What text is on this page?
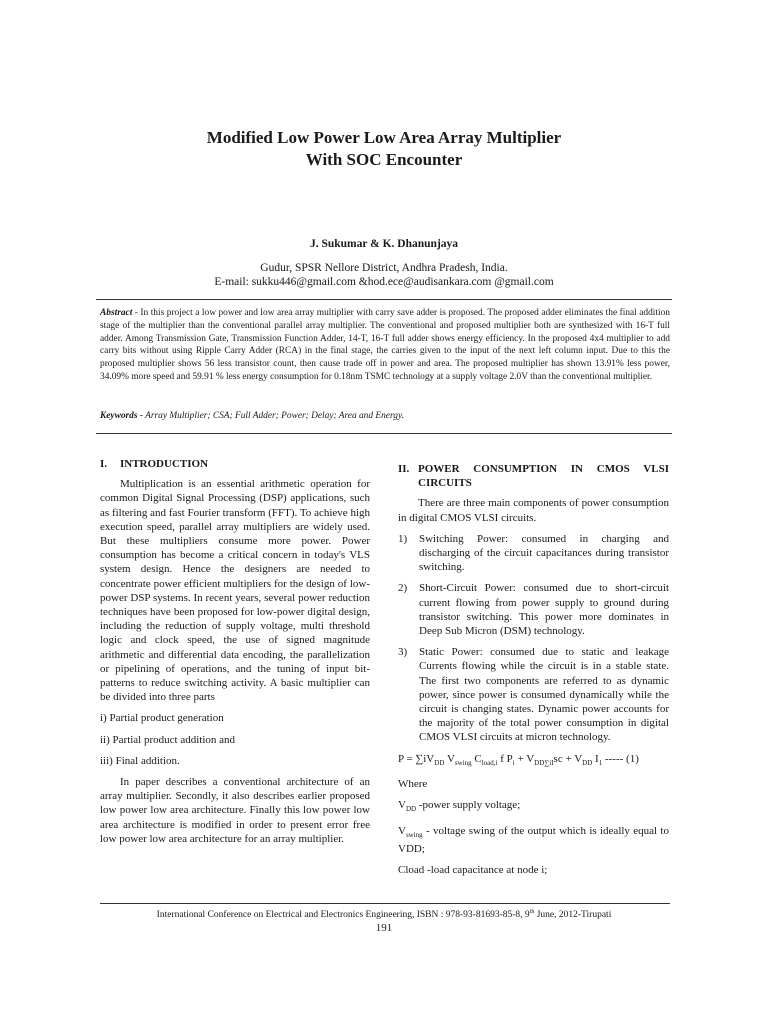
Modified Low Power Low Area Array Multiplier
With SOC Encounter
J. Sukumar & K. Dhanunjaya
Gudur, SPSR Nellore District, Andhra Pradesh, India.
E-mail: sukku446@gmail.com &hod.ece@audisankara.com @gmail.com
Abstract - In this project a low power and low area array multiplier with carry save adder is proposed. The proposed adder eliminates the final addition stage of the multiplier than the conventional parallel array multiplier. The conventional and proposed multiplier both are synthesized with 16-T full adder. Among Transmission Gate, Transmission Function Adder, 14-T, 16-T full adder shows energy efficiency. In the proposed 4x4 multiplier to add carry bits without using Ripple Carry Adder (RCA) in the final stage, the carries given to the input of the next left column input. Due to this the proposed multiplier shows 56 less transistor count, then cause trade off in power and area. The proposed multiplier has shown 13.91% less power, 34.09% more speed and 59.91 % less energy consumption for 0.18nm TSMC technology at a supply voltage 2.0V than the conventional multiplier.
Keywords - Array Multiplier; CSA; Full Adder; Power; Delay; Area and Energy.
I. INTRODUCTION

Multiplication is an essential arithmetic operation for common Digital Signal Processing (DSP) applications, such as filtering and fast Fourier transform (FFT). To achieve high execution speed, parallel array multipliers are widely used. But these multipliers consume more power. Power consumption has become a critical concern in today's VLS system design. Hence the designers are needed to concentrate power efficient multipliers for the design of low-power DSP systems. In recent years, several power reduction techniques have been proposed for low-power digital design, including the reduction of supply voltage, multi threshold logic and clock speed, the use of signed magnitude arithmetic and differential data encoding, the parallelization or pipelining of operations, and the tuning of input bit-patterns to reduce switching activity. A basic multiplier can be divided into three parts

i) Partial product generation

ii) Partial product addition and

iii) Final addition.

In paper describes a conventional architecture of an array multiplier. Secondly, it also describes earlier proposed low power low area architecture. Finally this low power low area architecture is modified in order to present error free low power low area architecture for an array multiplier.

II. POWER CONSUMPTION IN CMOS VLSI CIRCUITS

There are three main components of power consumption in digital CMOS VLSI circuits.

1)	Switching Power: consumed in charging and discharging of the circuit capacitances during transistor switching.
2)	Short-Circuit Power: consumed due to short-circuit current flowing from power supply to ground during transistor switching. This power more dominates in Deep Sub Micron (DSM) technology.
3)	Static Power: consumed due to static and leakage Currents flowing while the circuit is in a stable state. The first two components are referred to as dynamic power, since power is consumed dynamically while the circuit is changing states. Dynamic power accounts for the majority of the total power consumption in digital CMOS VLSI circuits at micron technology.
$P = \sum iV_{DD}$ $V_{swing}$ $C_{load,i}$ f $P_i + V_{DD\sum iI}sc + V_{DD}$ $I_1$ ----- (1)

Where

$V_{DD}$ -power supply voltage;

$V_{swing}$ - voltage swing of the output which is ideally equal to VDD;

Cload -load capacitance at node i;

International Conference on Electrical and Electronics Engineering, ISBN : 978-93-81693-85-8, 9th June, 2012-Tirupati
191
